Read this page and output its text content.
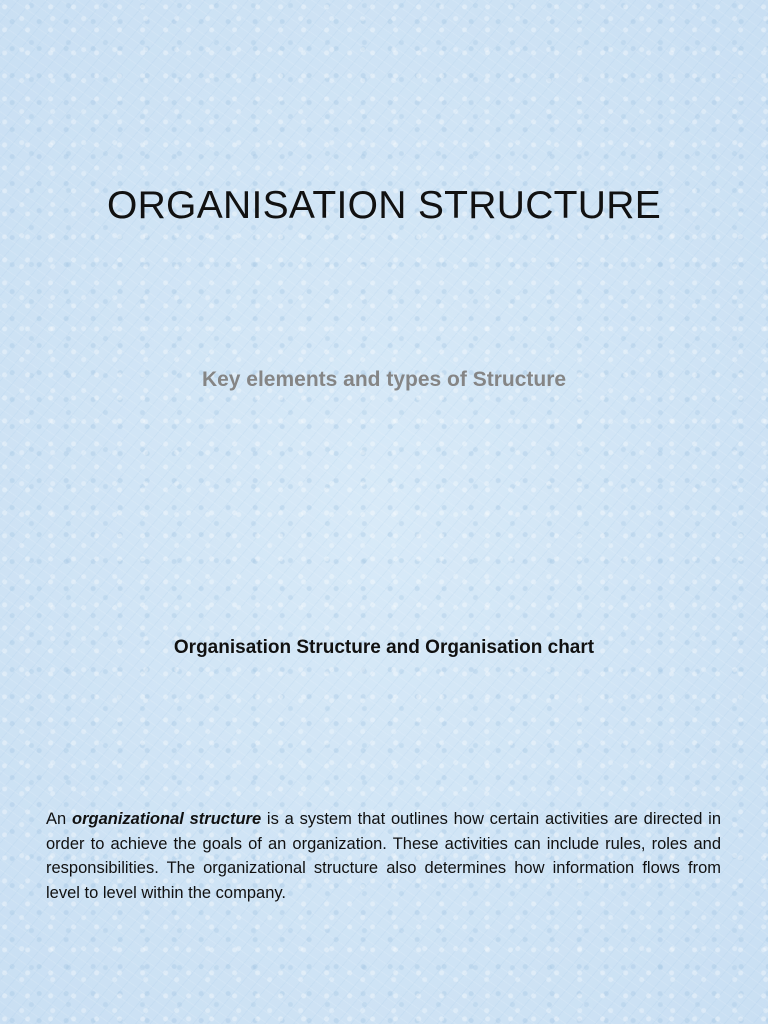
ORGANISATION STRUCTURE
Key elements and types of Structure
Organisation Structure and Organisation chart

An organizational structure is a system that outlines how certain activities are directed in order to achieve the goals of an organization. These activities can include rules, roles and responsibilities. The organizational structure also determines how information flows from level to level within the company.
